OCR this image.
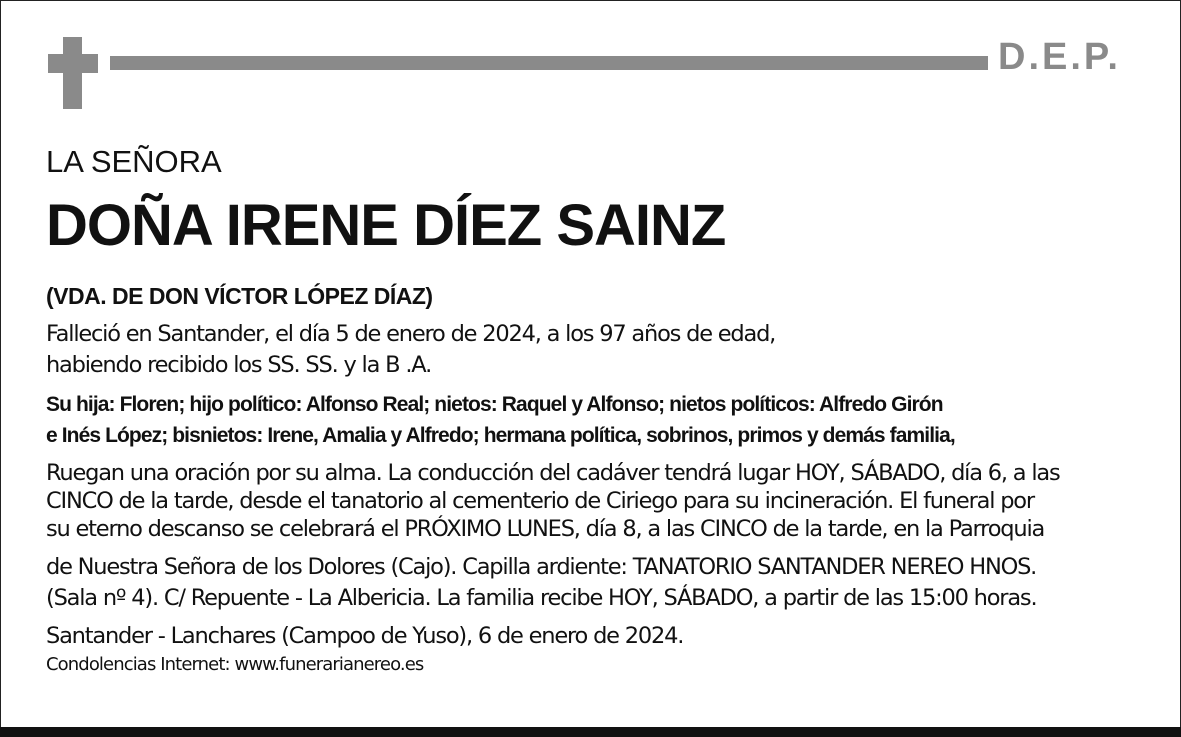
D.E.P.
LA SEÑORA
DOÑA IRENE DÍEZ SAINZ
(VDA. DE DON VÍCTOR LÓPEZ DÍAZ)
Falleció en Santander, el día 5 de enero de 2024, a los 97 años de edad,
habiendo recibido los SS. SS. y la B .A.
Su hija: Floren; hijo político: Alfonso Real; nietos: Raquel y Alfonso; nietos políticos: Alfredo Girón
e Inés López; bisnietos: Irene, Amalia y Alfredo; hermana política, sobrinos, primos y demás familia,
Ruegan una oración por su alma. La conducción del cadáver tendrá lugar HOY, SÁBADO, día 6, a las
CINCO de la tarde, desde el tanatorio al cementerio de Ciriego para su incineración. El funeral por
su eterno descanso se celebrará el PRÓXIMO LUNES, día 8, a las CINCO de la tarde, en la Parroquia
de Nuestra Señora de los Dolores (Cajo). Capilla ardiente: TANATORIO SANTANDER NEREO HNOS.
(Sala nº 4). C/ Repuente - La Albericia. La familia recibe HOY, SÁBADO, a partir de las 15:00 horas.
Santander - Lanchares (Campoo de Yuso), 6 de enero de 2024.
Condolencias Internet: www.funerarianereo.es
